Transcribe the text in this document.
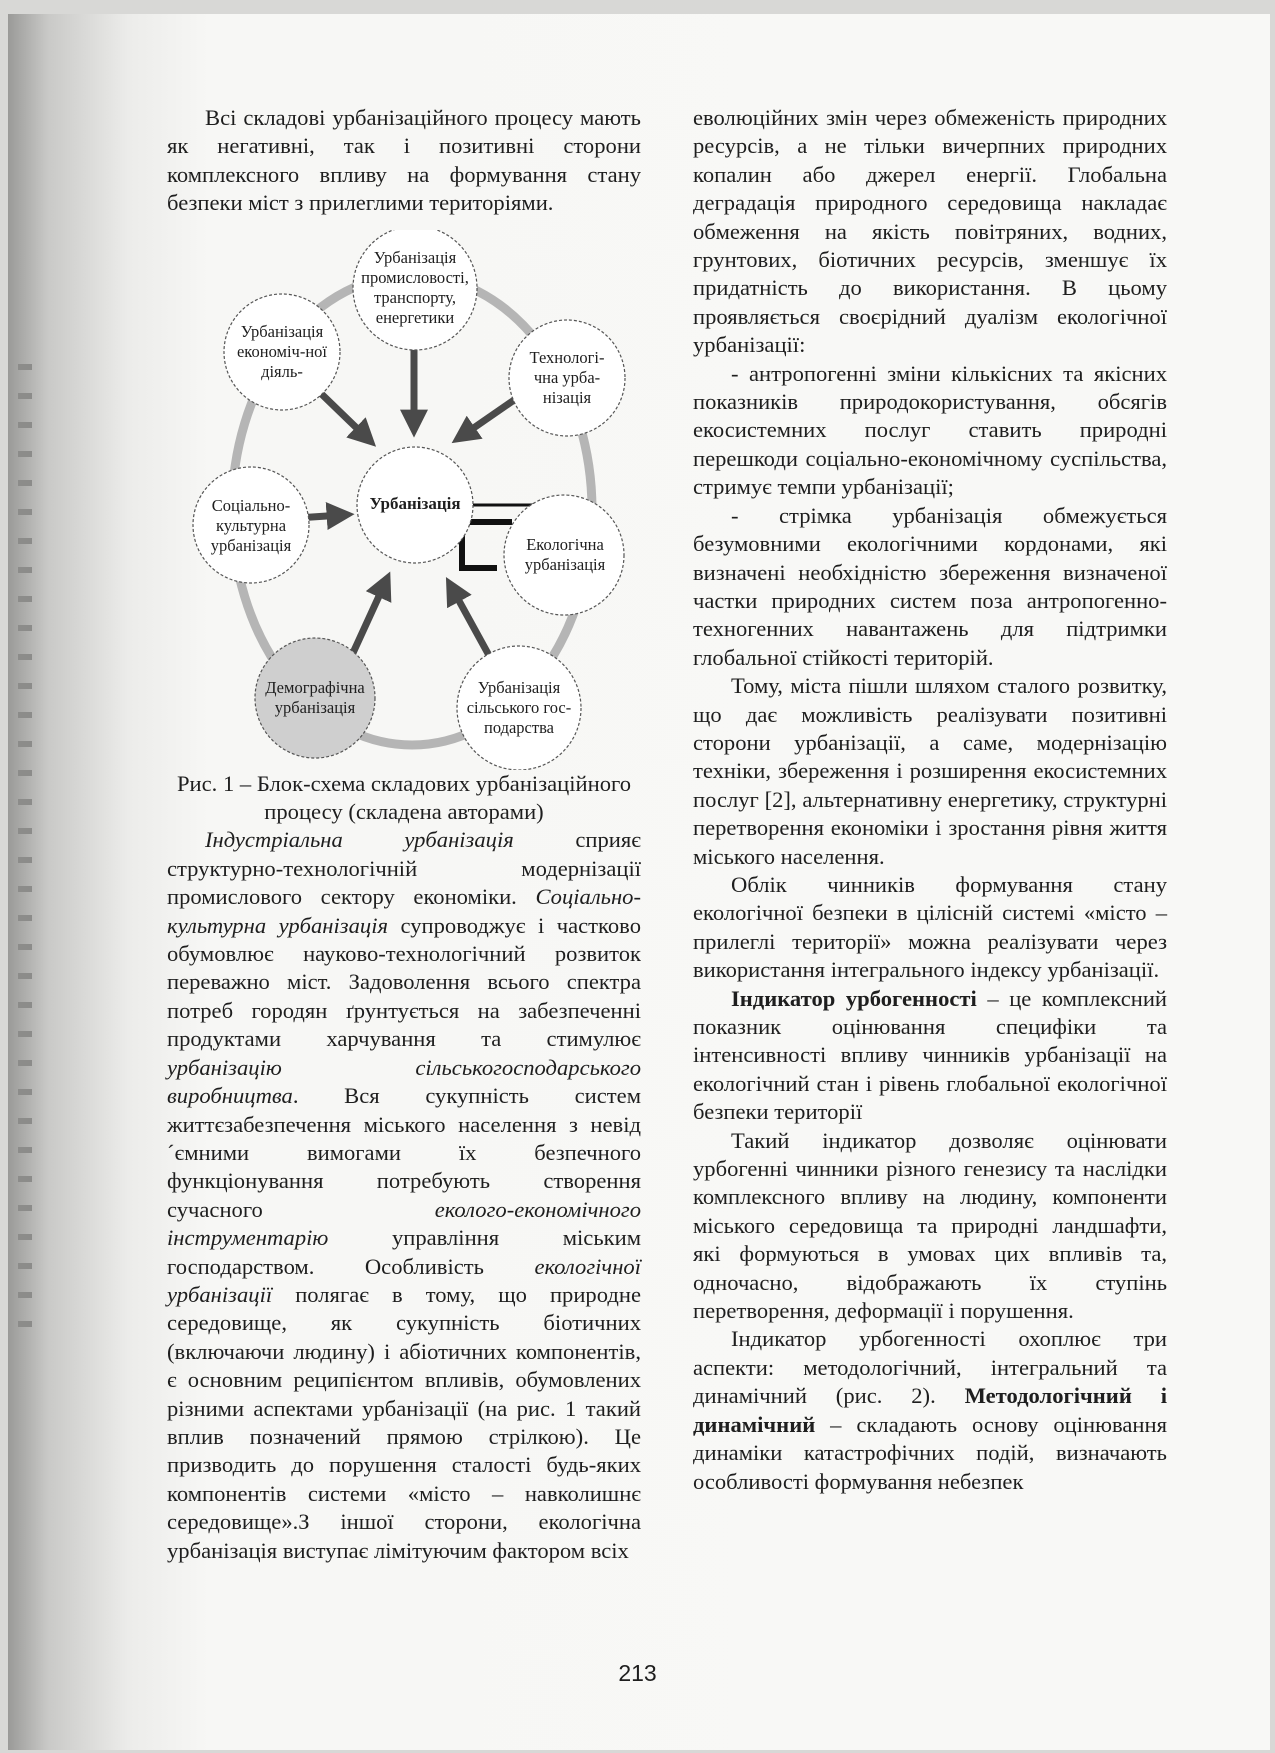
Всі складові урбанізаційного процесу мають як негативні, так і позитивні сторони комплексного впливу на формування стану безпеки міст з прилеглими територіями.

Урбанізація
Урбанізація промисловості, транспорту, енергетики
Урбанізація економіч-ної діяль-
Технологі-чна урба-нізація
Соціально-культурна урбанізація	Екологічна урбанізація
Демографічна урбанізація
Урбанізація сільського гос-подарства

Рис. 1 – Блок-схема складових урбанізаційного процесу (складена авторами)

Індустріальна урбанізація сприяє структурно-технологічній модернізації промислового сектору економіки. Соціально-культурна урбанізація супроводжує і частково обумовлює науково-технологічний розвиток переважно міст. Задоволення всього спектра потреб городян ґрунтується на забезпеченні продуктами харчування та стимулює урбанізацію сільськогосподарського виробництва. Вся сукупність систем життєзабезпечення міського населення з невід´ємними вимогами їх безпечного функціонування потребують створення сучасного еколого-економічного інструментарію управління міським господарством. Особливість екологічної урбанізації полягає в тому, що природне середовище, як сукупність біотичних (включаючи людину) і абіотичних компонентів, є основним реципієнтом впливів, обумовлених різними аспектами урбанізації (на рис. 1 такий вплив позначений прямою стрілкою). Це призводить до порушення сталості будь-яких компонентів системи «місто – навколишнє середовище».З іншої сторони, екологічна урбанізація виступає лімітуючим фактором всіх

еволюційних змін через обмеженість природних ресурсів, а не тільки вичерпних природних копалин або джерел енергії. Глобальна деградація природного середовища накладає обмеження на якість повітряних, водних, грунтових, біотичних ресурсів, зменшує їх придатність до використання. В цьому проявляється своєрідний дуалізм екологічної урбанізації:

- антропогенні зміни кількісних та якісних показників природокористування, обсягів екосистемних послуг ставить природні перешкоди соціально-економічному суспільства, стримує темпи урбанізації;

- стрімка урбанізація обмежується безумовними екологічними кордонами, які визначені необхідністю збереження визначеної частки природних систем поза антропогенно-техногенних навантажень для підтримки глобальної стійкості територій.

Тому, міста пішли шляхом сталого розвитку, що дає можливість реалізувати позитивні сторони урбанізації, а саме, модернізацію техніки, збереження і розширення екосистемних послуг [2], альтернативну енергетику, структурні перетворення економіки і зростання рівня життя міського населення.

Облік чинників формування стану екологічної безпеки в цілісній системі «місто – прилеглі території» можна реалізувати через використання інтегрального індексу урбанізації.

Індикатор урбогенності – це комплексний показник оцінювання специфіки та інтенсивності впливу чинників урбанізації на екологічний стан і рівень глобальної екологічної безпеки території

Такий індикатор дозволяє оцінювати урбогенні чинники різного генезису та наслідки комплексного впливу на людину, компоненти міського середовища та природні ландшафти, які формуються в умовах цих впливів та, одночасно, відображають їх ступінь перетворення, деформації і порушення.

Індикатор урбогенності охоплює три аспекти: методологічний, інтегральний та динамічний (рис. 2). Методологічний і динамічний – складають основу оцінювання динаміки катастрофічних подій, визначають особливості формування небезпек

213
